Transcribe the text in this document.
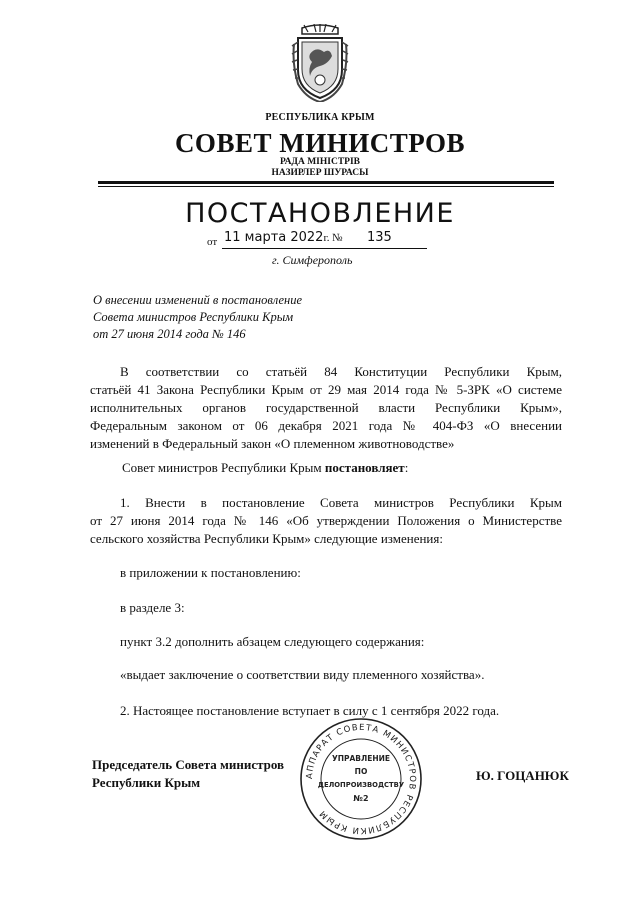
РЕСПУБЛИКА КРЫМ
СОВЕТ МИНИСТРОВ
РАДА МІНІСТРІВ
НАЗИРЛЕР ШУРАСЫ
ПОСТАНОВЛЕНИЕ
от 11 марта 2022г. № 135
г. Симферополь
О внесении изменений в постановление
Совета министров Республики Крым
от 27 июня 2014 года № 146
В соответствии со статьёй 84 Конституции Республики Крым,
статьёй 41 Закона Республики Крым от 29 мая 2014 года № 5-ЗРК «О системе
исполнительных органов государственной власти Республики Крым»,
Федеральным законом от 06 декабря 2021 года № 404-ФЗ «О внесении
изменений в Федеральный закон «О племенном животноводстве»
Совет министров Республики Крым постановляет:
1. Внести в постановление Совета министров Республики Крым
от 27 июня 2014 года № 146 «Об утверждении Положения о Министерстве
сельского хозяйства Республики Крым» следующие изменения:
в приложении к постановлению:
в разделе 3:
пункт 3.2 дополнить абзацем следующего содержания:
«выдает заключение о соответствии виду племенного хозяйства».
2. Настоящее постановление вступает в силу с 1 сентября 2022 года.
Председатель Совета министров
Республики Крым	Ю. ГОЦАНЮК
АППАРАТ СОВЕТА МИНИСТРОВ РЕСПУБЛИКИ КРЫМ
УПРАВЛЕНИЕ
ПО
ДЕЛОПРОИЗВОДСТВУ
№2
